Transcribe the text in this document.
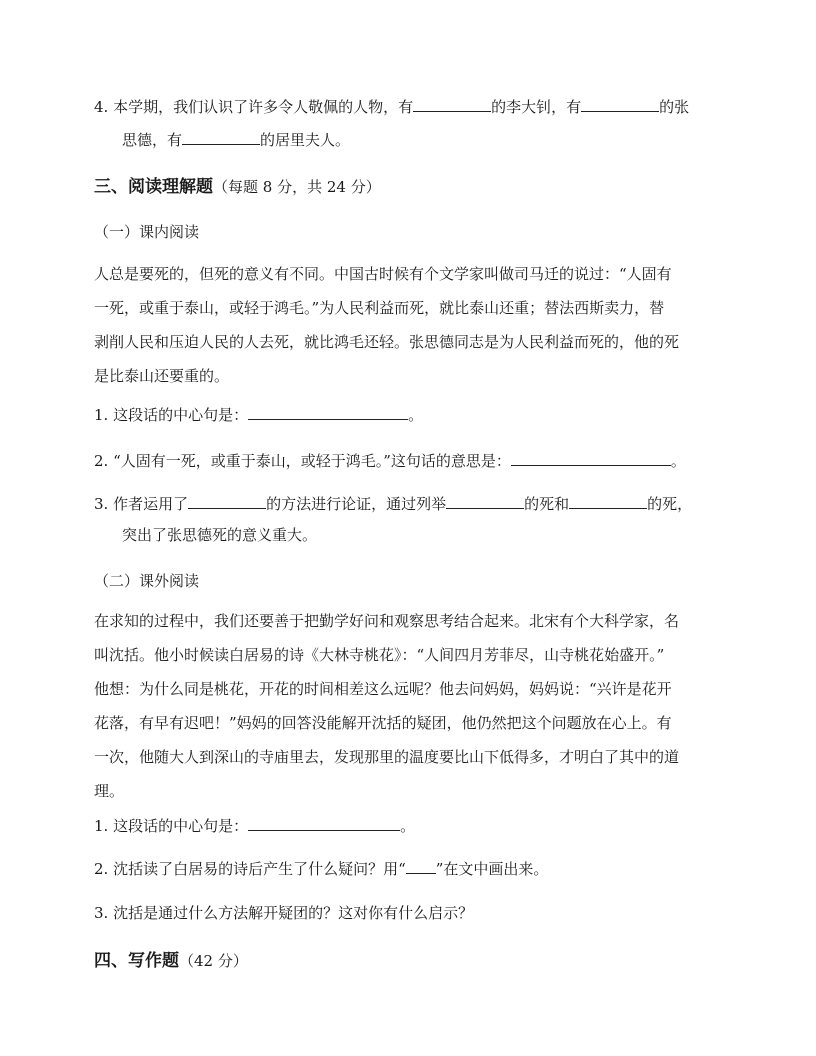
4. 本学期，我们认识了许多令人敬佩的人物，有	的李大钊，有	的张
思德，有	的居里夫人。
三、阅读理解题（每题 8 分，共 24 分）
（一）课内阅读
人总是要死的，但死的意义有不同。中国古时候有个文学家叫做司马迁的说过：“人固有
一死，或重于泰山，或轻于鸿毛。”为人民利益而死，就比泰山还重；替法西斯卖力，替
剥削人民和压迫人民的人去死，就比鸿毛还轻。张思德同志是为人民利益而死的，他的死
是比泰山还要重的。
1. 这段话的中心句是：	。
2. “人固有一死，或重于泰山，或轻于鸿毛。”这句话的意思是：	。
3. 作者运用了	的方法进行论证，通过列举	的死和	的死，
突出了张思德死的意义重大。
（二）课外阅读
在求知的过程中，我们还要善于把勤学好问和观察思考结合起来。北宋有个大科学家，名
叫沈括。他小时候读白居易的诗《大林寺桃花》：“人间四月芳菲尽，山寺桃花始盛开。”
他想：为什么同是桃花，开花的时间相差这么远呢？他去问妈妈，妈妈说：“兴许是花开
花落，有早有迟吧！”妈妈的回答没能解开沈括的疑团，他仍然把这个问题放在心上。有
一次，他随大人到深山的寺庙里去，发现那里的温度要比山下低得多，才明白了其中的道
理。
1. 这段话的中心句是：	。
2. 沈括读了白居易的诗后产生了什么疑问？用“ ”在文中画出来。
3. 沈括是通过什么方法解开疑团的？这对你有什么启示？
四、写作题（42 分）
